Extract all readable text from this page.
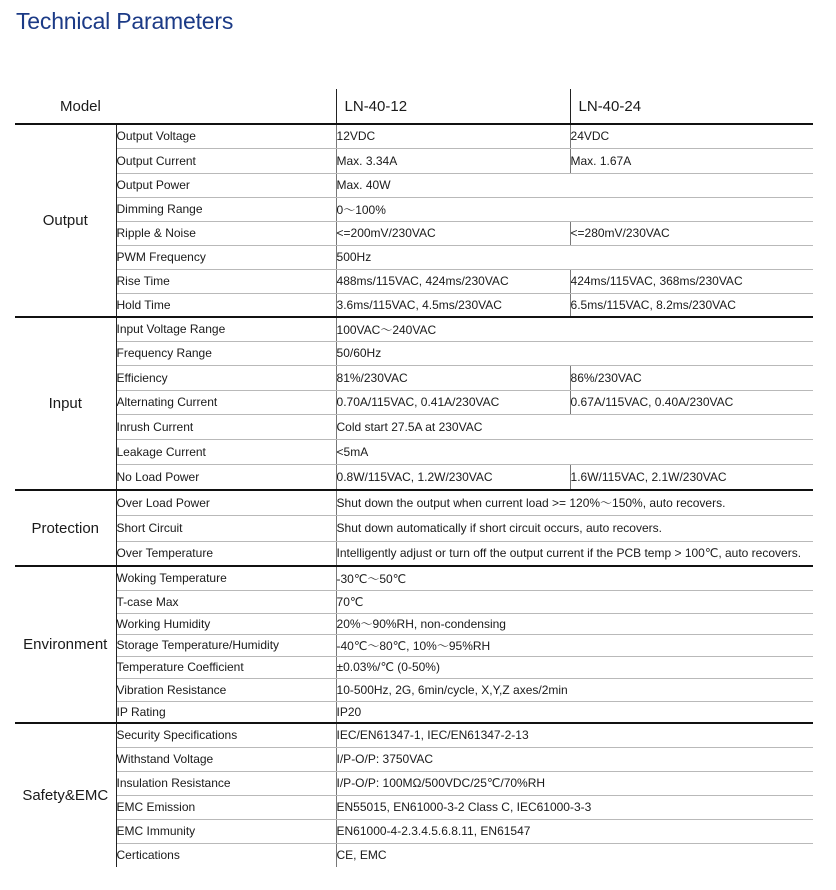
Technical Parameters
Model		LN-40-12	LN-40-24
Output	Output Voltage	12VDC	24VDC
	Output Current	Max. 3.34A	Max. 1.67A
	Output Power	Max. 40W	
	Dimming Range	0～100%	
	Ripple & Noise	<=200mV/230VAC	<=280mV/230VAC
	PWM Frequency	500Hz	
	Rise Time	488ms/115VAC, 424ms/230VAC	424ms/115VAC, 368ms/230VAC
	Hold Time	3.6ms/115VAC, 4.5ms/230VAC	6.5ms/115VAC, 8.2ms/230VAC
Input	Input Voltage Range	100VAC～240VAC	
	Frequency Range	50/60Hz	
	Efficiency	81%/230VAC	86%/230VAC
	Alternating Current	0.70A/115VAC, 0.41A/230VAC	0.67A/115VAC, 0.40A/230VAC
	Inrush Current	Cold start 27.5A at 230VAC	
	Leakage Current	<5mA	
	No Load Power	0.8W/115VAC, 1.2W/230VAC	1.6W/115VAC, 2.1W/230VAC
Protection	Over Load Power	Shut down the output when current load >= 120%～150%, auto recovers.	
	Short Circuit	Shut down automatically if short circuit occurs, auto recovers.	
	Over Temperature	Intelligently adjust or turn off the output current if the PCB temp > 100℃, auto recovers.	
Environment	Woking Temperature	-30℃～50℃	
	T-case Max	70℃	
	Working Humidity	20%～90%RH, non-condensing	
	Storage Temperature/Humidity	-40℃～80℃, 10%～95%RH	
	Temperature Coefficient	±0.03%/℃ (0-50%)	
	Vibration Resistance	10-500Hz, 2G, 6min/cycle, X,Y,Z axes/2min	
	IP Rating	IP20	
Safety&EMC	Security Specifications	IEC/EN61347-1, IEC/EN61347-2-13	
	Withstand Voltage	I/P-O/P: 3750VAC	
	Insulation Resistance	I/P-O/P: 100MΩ/500VDC/25℃/70%RH	
	EMC Emission	EN55015, EN61000-3-2 Class C, IEC61000-3-3	
	EMC Immunity	EN61000-4-2.3.4.5.6.8.11, EN61547	
	Certications	CE, EMC	
